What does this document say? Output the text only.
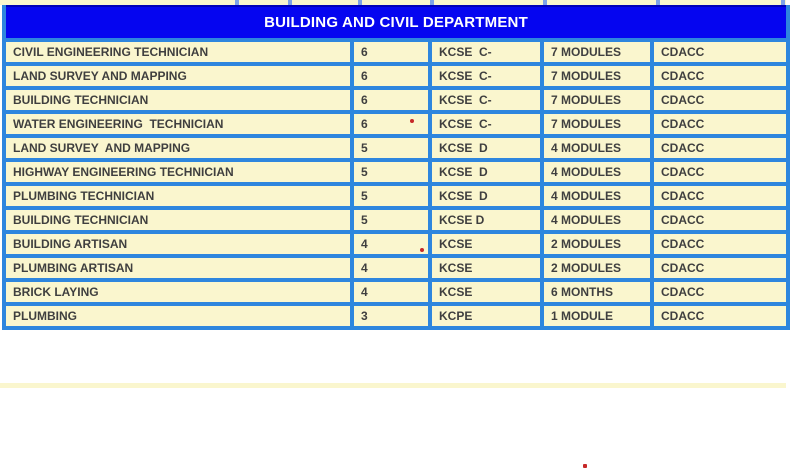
BUILDING AND CIVIL DEPARTMENT				
CIVIL ENGINEERING TECHNICIAN	6	KCSE  C-	7 MODULES	CDACC
LAND SURVEY AND MAPPING	6	KCSE  C-	7 MODULES	CDACC
BUILDING TECHNICIAN	6	KCSE  C-	7 MODULES	CDACC
WATER ENGINEERING  TECHNICIAN	6	KCSE  C-	7 MODULES	CDACC
LAND SURVEY  AND MAPPING	5	KCSE  D	4 MODULES	CDACC
HIGHWAY ENGINEERING TECHNICIAN	5	KCSE  D	4 MODULES	CDACC
PLUMBING TECHNICIAN	5	KCSE  D	4 MODULES	CDACC
BUILDING TECHNICIAN	5	KCSE D	4 MODULES	CDACC
BUILDING ARTISAN	4	KCSE	2 MODULES	CDACC
PLUMBING ARTISAN	4	KCSE	2 MODULES	CDACC
BRICK LAYING	4	KCSE	6 MONTHS	CDACC
PLUMBING	3	KCPE	1 MODULE	CDACC
